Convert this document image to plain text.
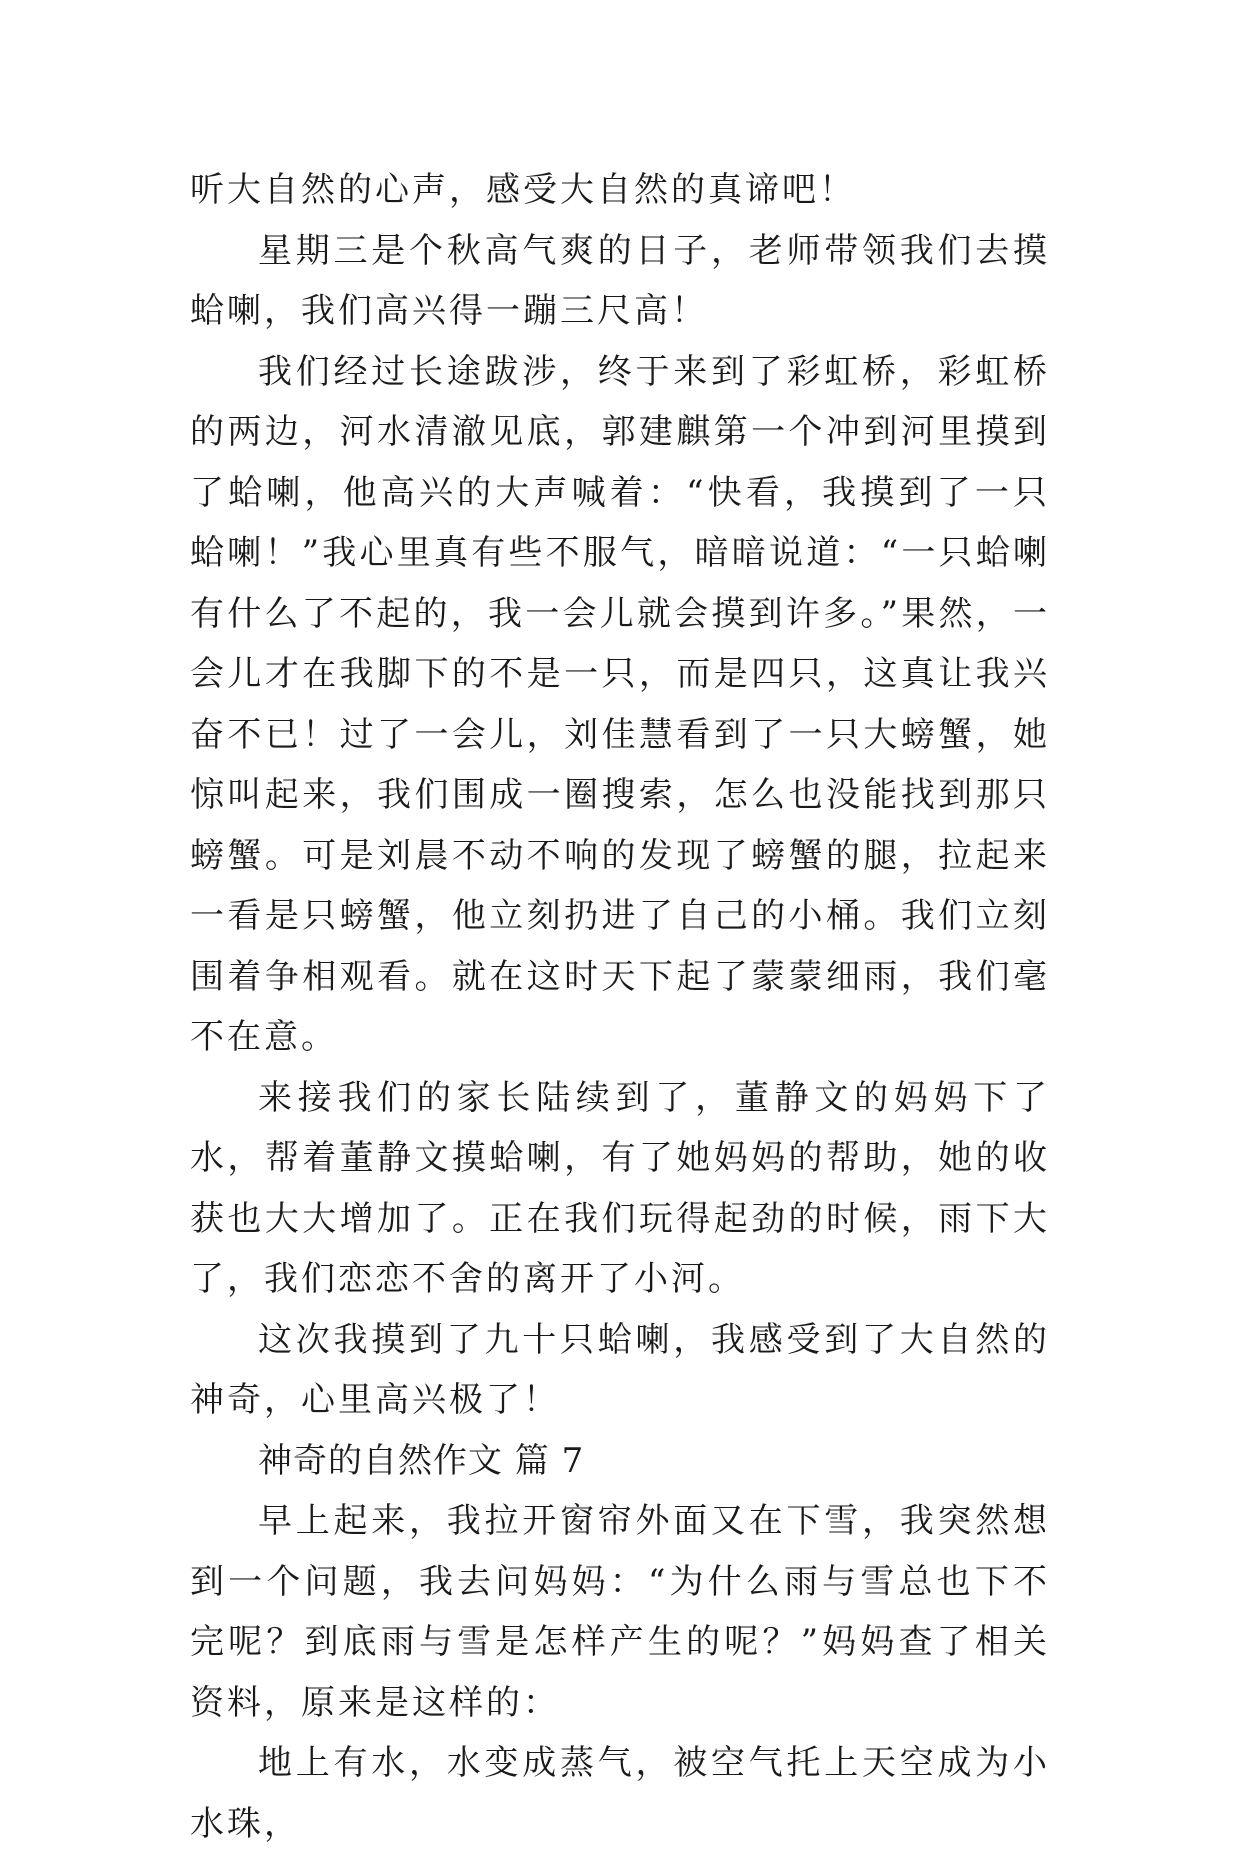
听大自然的心声，感受大自然的真谛吧！

星期三是个秋高气爽的日子，老师带领我们去摸蛤喇，我们高兴得一蹦三尺高！

我们经过长途跋涉，终于来到了彩虹桥，彩虹桥的两边，河水清澈见底，郭建麒第一个冲到河里摸到了蛤喇，他高兴的大声喊着：“快看，我摸到了一只蛤喇！”我心里真有些不服气，暗暗说道：“一只蛤喇有什么了不起的，我一会儿就会摸到许多。”果然，一会儿才在我脚下的不是一只，而是四只，这真让我兴奋不已！过了一会儿，刘佳慧看到了一只大螃蟹，她惊叫起来，我们围成一圈搜索，怎么也没能找到那只螃蟹。可是刘晨不动不响的发现了螃蟹的腿，拉起来一看是只螃蟹，他立刻扔进了自己的小桶。我们立刻围着争相观看。就在这时天下起了蒙蒙细雨，我们毫不在意。

来接我们的家长陆续到了，董静文的妈妈下了水，帮着董静文摸蛤喇，有了她妈妈的帮助，她的收获也大大增加了。正在我们玩得起劲的时候，雨下大了，我们恋恋不舍的离开了小河。

这次我摸到了九十只蛤喇，我感受到了大自然的神奇，心里高兴极了！

神奇的自然作文 篇 7

早上起来，我拉开窗帘外面又在下雪，我突然想到一个问题，我去问妈妈：“为什么雨与雪总也下不完呢？到底雨与雪是怎样产生的呢？”妈妈查了相关资料，原来是这样的：

地上有水，水变成蒸气，被空气托上天空成为小水珠，
